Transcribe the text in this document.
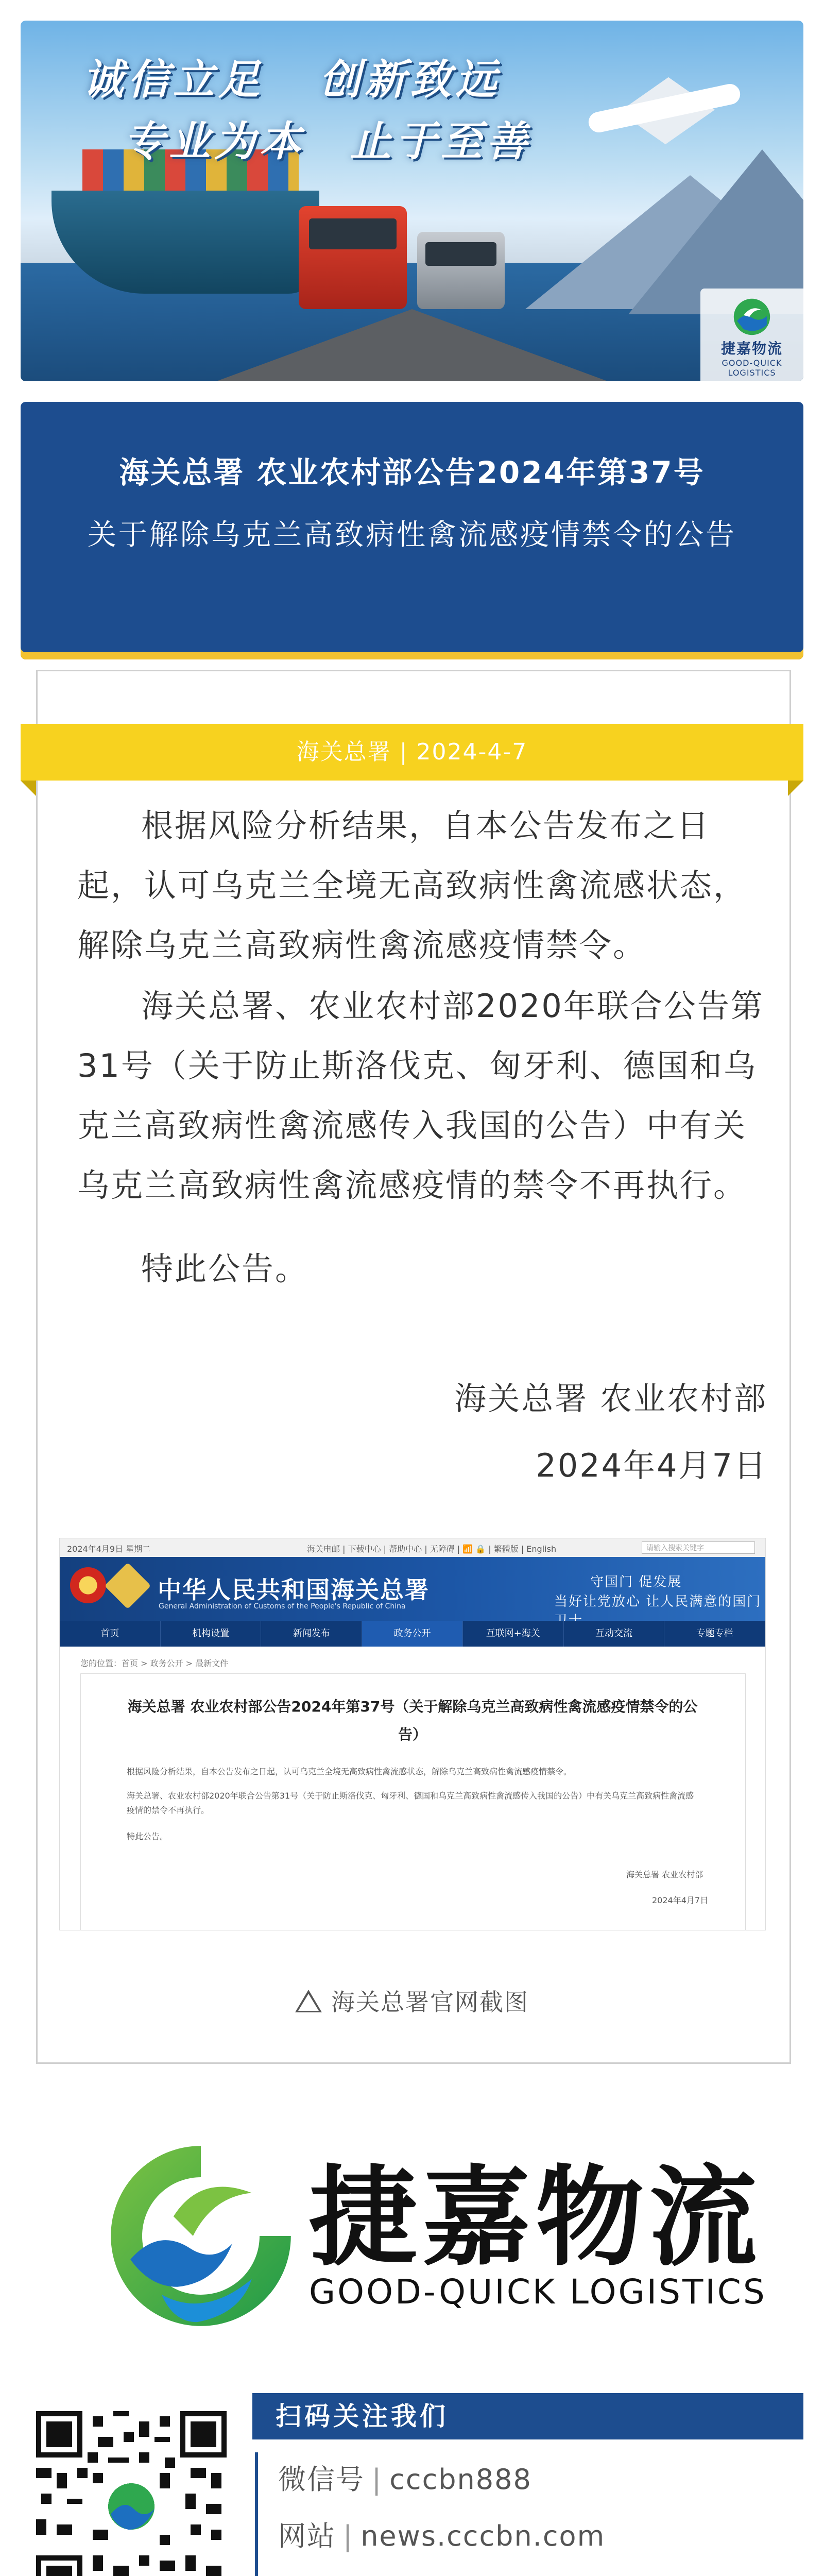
诚信立足 创新致远
专业为本 止于至善
捷嘉物流
GOOD-QUICK LOGISTICS
海关总署 农业农村部公告2024年第37号
关于解除乌克兰高致病性禽流感疫情禁令的公告
海关总署 | 2024-4-7
根据风险分析结果，自本公告发布之日起，认可乌克兰全境无高致病性禽流感状态，解除乌克兰高致病性禽流感疫情禁令。
海关总署、农业农村部2020年联合公告第31号（关于防止斯洛伐克、匈牙利、德国和乌克兰高致病性禽流感传入我国的公告）中有关乌克兰高致病性禽流感疫情的禁令不再执行。
特此公告。
海关总署 农业农村部
2024年4月7日
2024年4月9日 星期二	海关电邮 | 下载中心 | 帮助中心 | 无障碍 | 📶 🔒 | 繁體版 | English	请输入搜索关键字
中华人民共和国海关总署
General Administration of Customs of the People's Republic of China
守国门 促发展
当好让党放心 让人民满意的国门
首页	机构设置	新闻发布	政务公开	互联网+海关	互动交流	专题专栏
您的位置：首页 > 政务公开 > 最新文件
海关总署 农业农村部公告2024年第37号（关于解除乌克兰高致病性禽流感疫情禁令的公告）
根据风险分析结果，自本公告发布之日起，认可乌克兰全境无高致病性禽流感状态，解除乌克兰高致病性禽流感疫情禁令。
海关总署、农业农村部2020年联合公告第31号（关于防止斯洛伐克、匈牙利、德国和乌克兰高致病性禽流感传入我国的公告）中有关乌克兰高致病性禽流感疫情的禁令不再执行。
特此公告。
海关总署 农业农村部
2024年4月7日
海关总署官网截图
捷嘉物流
GOOD-QUICK LOGISTICS
扫码关注我们
微信号 | cccbn888
网站 | news.cccbn.com
